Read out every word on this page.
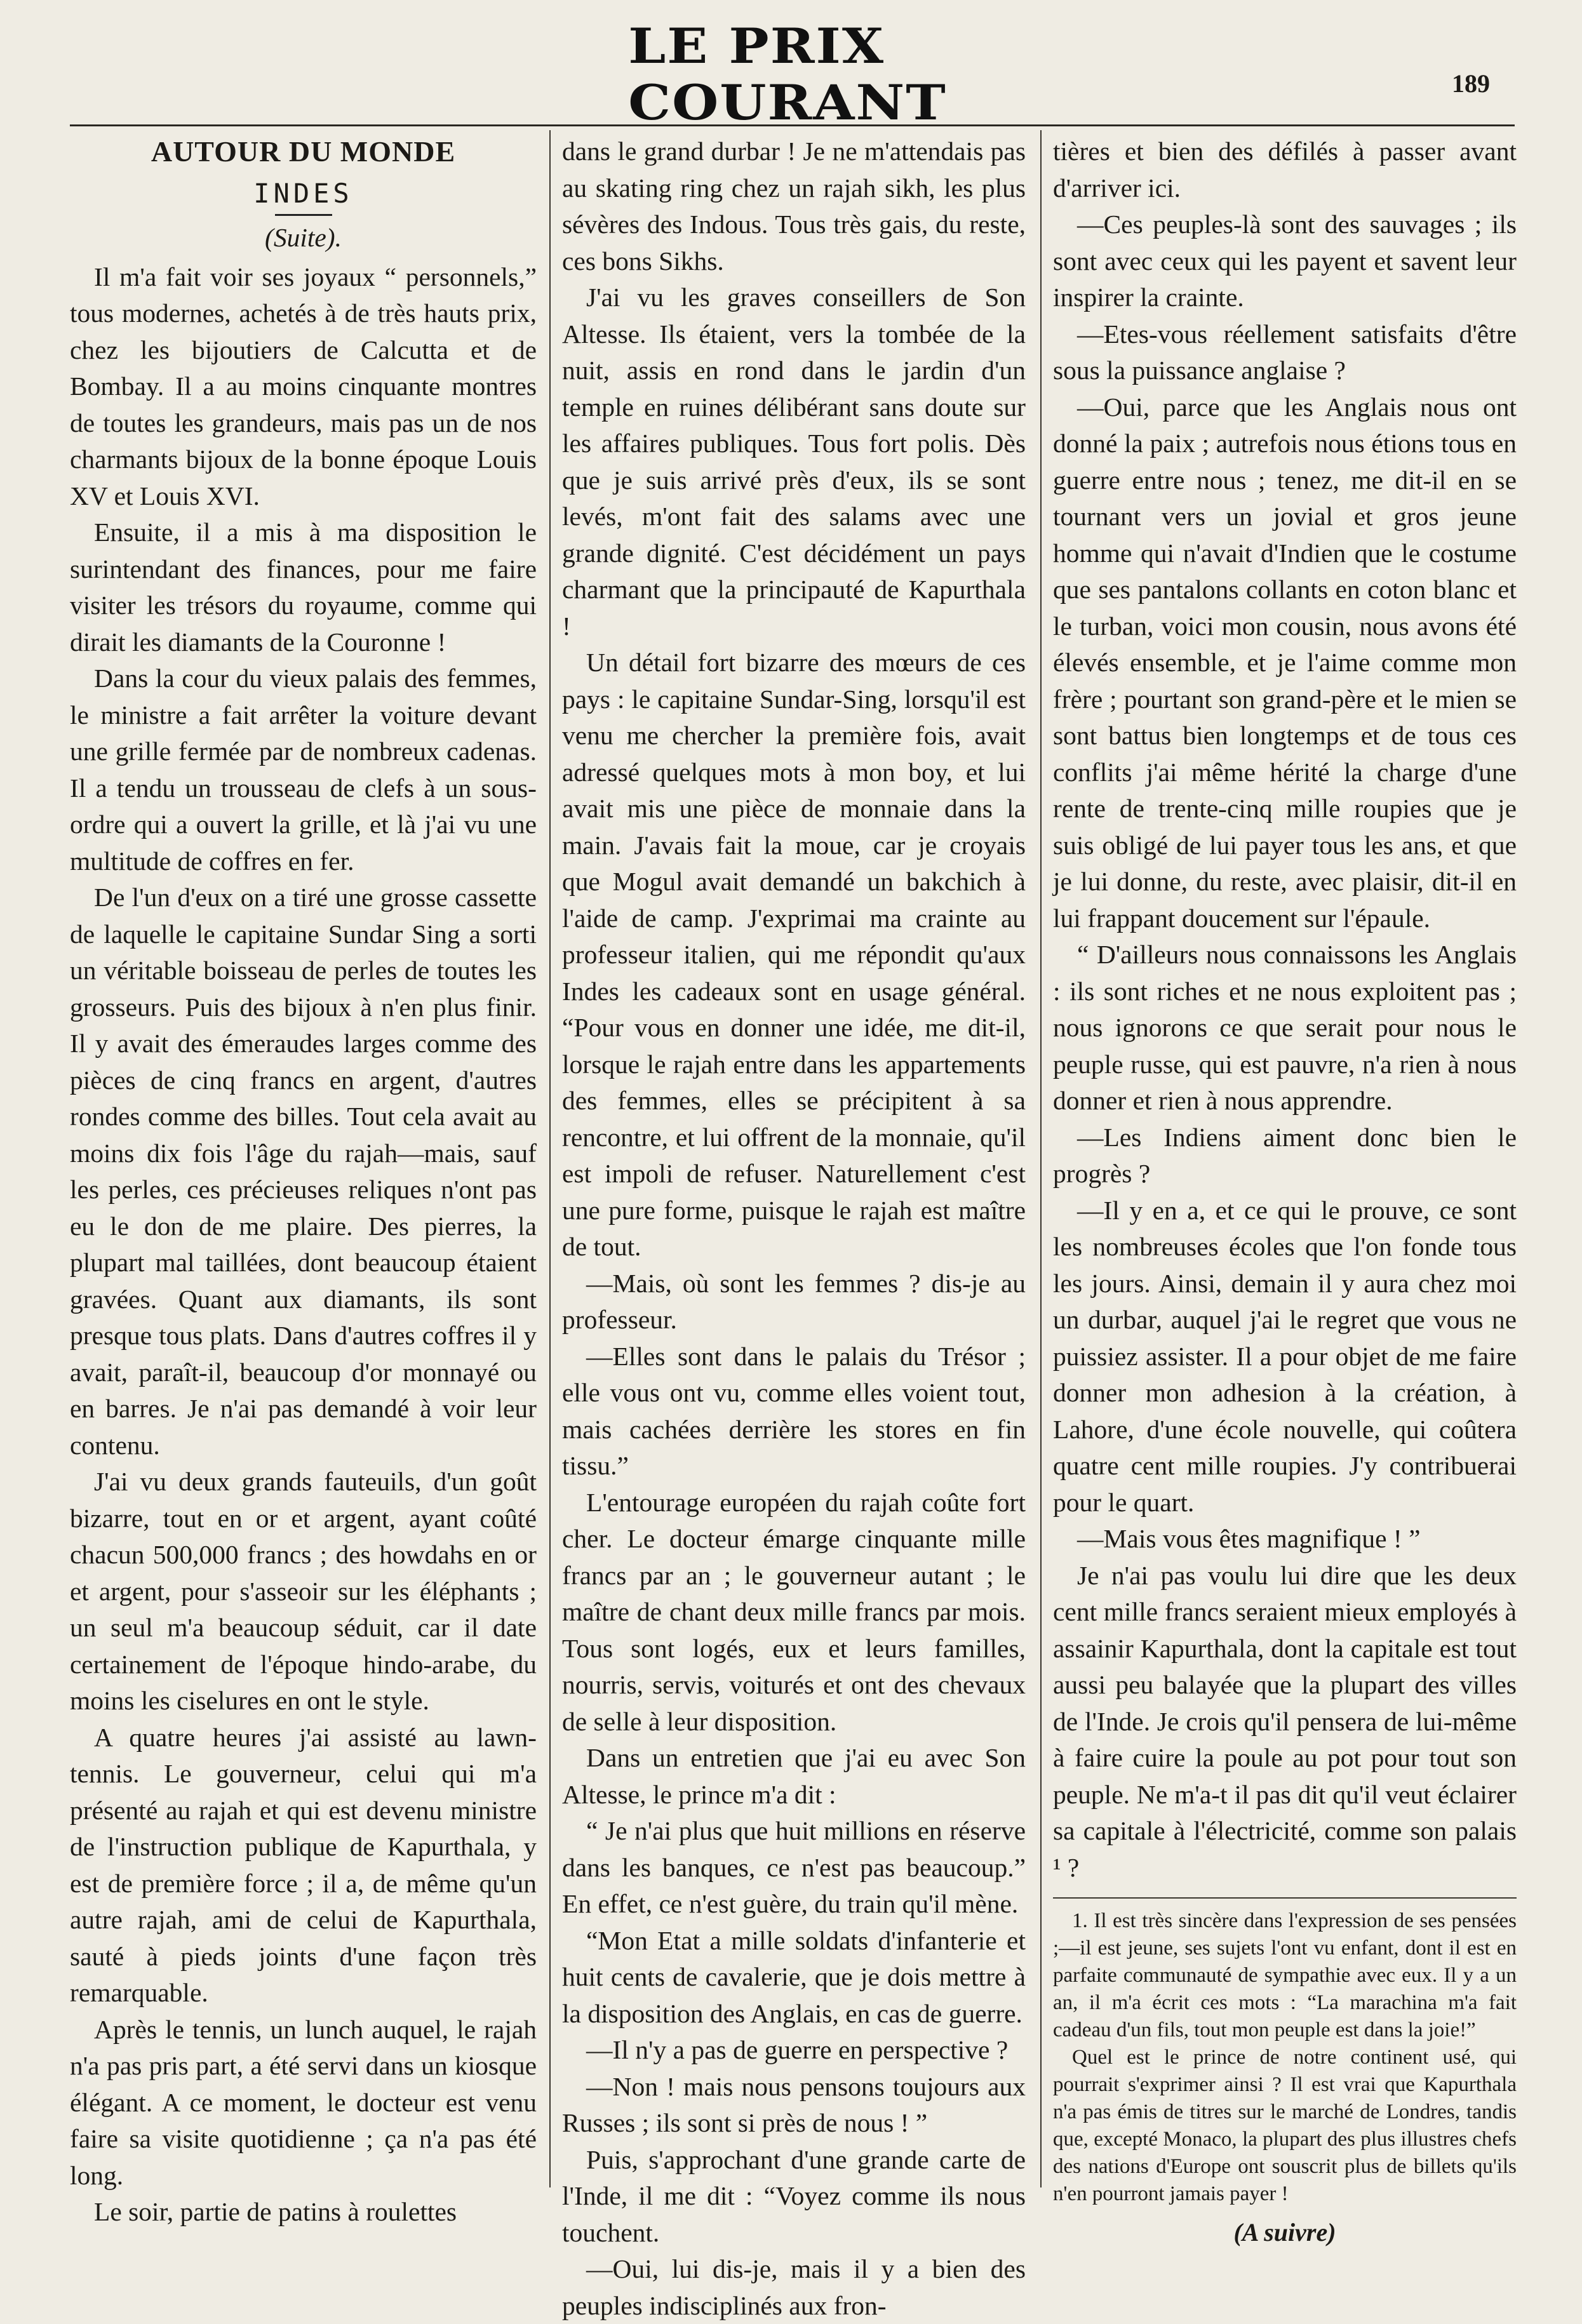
LE PRIX COURANT	189

AUTOUR DU MONDE

INDES

(Suite).

Il m'a fait voir ses joyaux “ personnels,” tous modernes, achetés à de très hauts prix, chez les bijoutiers de Calcutta et de Bombay. Il a au moins cinquante montres de toutes les grandeurs, mais pas un de nos charmants bijoux de la bonne époque Louis XV et Louis XVI.

Ensuite, il a mis à ma disposition le surintendant des finances, pour me faire visiter les trésors du royaume, comme qui dirait les diamants de la Couronne !

Dans la cour du vieux palais des femmes, le ministre a fait arrêter la voiture devant une grille fermée par de nombreux cadenas. Il a tendu un trousseau de clefs à un sous-ordre qui a ouvert la grille, et là j'ai vu une multitude de coffres en fer.

De l'un d'eux on a tiré une grosse cassette de laquelle le capitaine Sundar Sing a sorti un véritable boisseau de perles de toutes les grosseurs. Puis des bijoux à n'en plus finir. Il y avait des émeraudes larges comme des pièces de cinq francs en argent, d'autres rondes comme des billes. Tout cela avait au moins dix fois l'âge du rajah—mais, sauf les perles, ces précieuses reliques n'ont pas eu le don de me plaire. Des pierres, la plupart mal taillées, dont beaucoup étaient gravées. Quant aux diamants, ils sont presque tous plats. Dans d'autres coffres il y avait, paraît-il, beaucoup d'or monnayé ou en barres. Je n'ai pas demandé à voir leur contenu.

J'ai vu deux grands fauteuils, d'un goût bizarre, tout en or et argent, ayant coûté chacun 500,000 francs ; des howdahs en or et argent, pour s'asseoir sur les éléphants ; un seul m'a beaucoup séduit, car il date certainement de l'époque hindo-arabe, du moins les ciselures en ont le style.

A quatre heures j'ai assisté au lawn-tennis. Le gouverneur, celui qui m'a présenté au rajah et qui est devenu ministre de l'instruction publique de Kapurthala, y est de première force ; il a, de même qu'un autre rajah, ami de celui de Kapurthala, sauté à pieds joints d'une façon très remarquable.

Après le tennis, un lunch auquel, le rajah n'a pas pris part, a été servi dans un kiosque élégant. A ce moment, le docteur est venu faire sa visite quotidienne ; ça n'a pas été long.

Le soir, partie de patins à roulettes

dans le grand durbar ! Je ne m'attendais pas au skating ring chez un rajah sikh, les plus sévères des Indous. Tous très gais, du reste, ces bons Sikhs.

J'ai vu les graves conseillers de Son Altesse. Ils étaient, vers la tombée de la nuit, assis en rond dans le jardin d'un temple en ruines délibérant sans doute sur les affaires publiques. Tous fort polis. Dès que je suis arrivé près d'eux, ils se sont levés, m'ont fait des salams avec une grande dignité. C'est décidément un pays charmant que la principauté de Kapurthala !

Un détail fort bizarre des mœurs de ces pays : le capitaine Sundar-Sing, lorsqu'il est venu me chercher la première fois, avait adressé quelques mots à mon boy, et lui avait mis une pièce de monnaie dans la main. J'avais fait la moue, car je croyais que Mogul avait demandé un bakchich à l'aide de camp. J'exprimai ma crainte au professeur italien, qui me répondit qu'aux Indes les cadeaux sont en usage général. “Pour vous en donner une idée, me dit-il, lorsque le rajah entre dans les appartements des femmes, elles se précipitent à sa rencontre, et lui offrent de la monnaie, qu'il est impoli de refuser. Naturellement c'est une pure forme, puisque le rajah est maître de tout.

—Mais, où sont les femmes ? dis-je au professeur.

—Elles sont dans le palais du Trésor ; elle vous ont vu, comme elles voient tout, mais cachées derrière les stores en fin tissu.”

L'entourage européen du rajah coûte fort cher. Le docteur émarge cinquante mille francs par an ; le gouverneur autant ; le maître de chant deux mille francs par mois. Tous sont logés, eux et leurs familles, nourris, servis, voiturés et ont des chevaux de selle à leur disposition.

Dans un entretien que j'ai eu avec Son Altesse, le prince m'a dit :

“ Je n'ai plus que huit millions en réserve dans les banques, ce n'est pas beaucoup.” En effet, ce n'est guère, du train qu'il mène.

“Mon Etat a mille soldats d'infanterie et huit cents de cavalerie, que je dois mettre à la disposition des Anglais, en cas de guerre.

—Il n'y a pas de guerre en perspective ?

—Non ! mais nous pensons toujours aux Russes ; ils sont si près de nous ! ”

Puis, s'approchant d'une grande carte de l'Inde, il me dit : “Voyez comme ils nous touchent.

—Oui, lui dis-je, mais il y a bien des peuples indisciplinés aux fron-

tières et bien des défilés à passer avant d'arriver ici.

—Ces peuples-là sont des sauvages ; ils sont avec ceux qui les payent et savent leur inspirer la crainte.

—Etes-vous réellement satisfaits d'être sous la puissance anglaise ?

—Oui, parce que les Anglais nous ont donné la paix ; autrefois nous étions tous en guerre entre nous ; tenez, me dit-il en se tournant vers un jovial et gros jeune homme qui n'avait d'Indien que le costume que ses pantalons collants en coton blanc et le turban, voici mon cousin, nous avons été élevés ensemble, et je l'aime comme mon frère ; pourtant son grand-père et le mien se sont battus bien longtemps et de tous ces conflits j'ai même hérité la charge d'une rente de trente-cinq mille roupies que je suis obligé de lui payer tous les ans, et que je lui donne, du reste, avec plaisir, dit-il en lui frappant doucement sur l'épaule.

“ D'ailleurs nous connaissons les Anglais : ils sont riches et ne nous exploitent pas ; nous ignorons ce que serait pour nous le peuple russe, qui est pauvre, n'a rien à nous donner et rien à nous apprendre.

—Les Indiens aiment donc bien le progrès ?

—Il y en a, et ce qui le prouve, ce sont les nombreuses écoles que l'on fonde tous les jours. Ainsi, demain il y aura chez moi un durbar, auquel j'ai le regret que vous ne puissiez assister. Il a pour objet de me faire donner mon adhesion à la création, à Lahore, d'une école nouvelle, qui coûtera quatre cent mille roupies. J'y contribuerai pour le quart.

—Mais vous êtes magnifique ! ”

Je n'ai pas voulu lui dire que les deux cent mille francs seraient mieux employés à assainir Kapurthala, dont la capitale est tout aussi peu balayée que la plupart des villes de l'Inde. Je crois qu'il pensera de lui-même à faire cuire la poule au pot pour tout son peuple. Ne m'a-t il pas dit qu'il veut éclairer sa capitale à l'électricité, comme son palais ¹ ?

1. Il est très sincère dans l'expression de ses pensées ;—il est jeune, ses sujets l'ont vu enfant, dont il est en parfaite communauté de sympathie avec eux. Il y a un an, il m'a écrit ces mots : “La marachina m'a fait cadeau d'un fils, tout mon peuple est dans la joie!”

Quel est le prince de notre continent usé, qui pourrait s'exprimer ainsi ? Il est vrai que Kapurthala n'a pas émis de titres sur le marché de Londres, tandis que, excepté Monaco, la plupart des plus illustres chefs des nations d'Europe ont souscrit plus de billets qu'ils n'en pourront jamais payer !

(A suivre)
